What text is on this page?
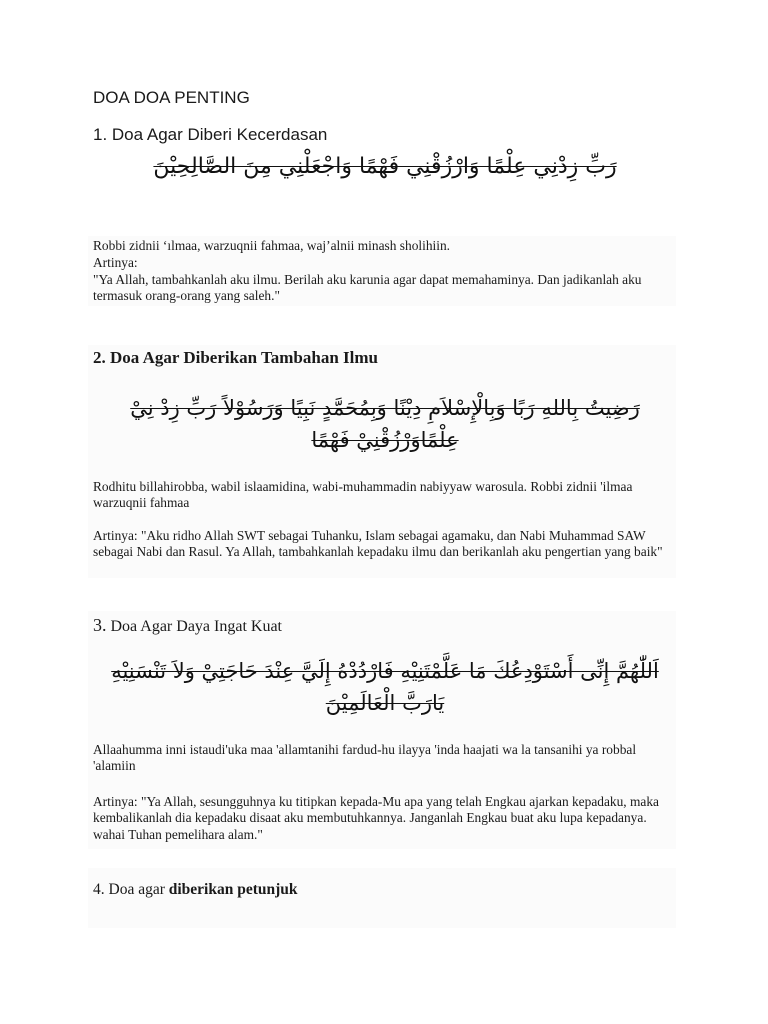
DOA DOA PENTING
1. Doa Agar Diberi Kecerdasan
رَبِّ زِدْنِي عِلْمًا وَارْزُقْنِي فَهْمًا وَاجْعَلْنِي مِنَ الصَّالِحِيْنَ
Robbi zidnii ‘ılmaa, warzuqnii fahmaa, waj’alnii minash sholihiin.
Artinya:
"Ya Allah, tambahkanlah aku ilmu. Berilah aku karunia agar dapat memahaminya. Dan jadikanlah aku termasuk orang-orang yang saleh."
2. Doa Agar Diberikan Tambahan Ilmu
رَضِيتُ بِاللهِ رَبًا وَبِالْإِسْلاَمِ دِيْنًا وَبِمُحَمَّدٍ نَبِيًا وَرَسُوْلاً رَبِّ زِدْ نِيْ عِلْمًاوَرْزُقْنِيْ فَهْمًا
Rodhitu billahirobba, wabil islaamidina, wabi-muhammadin nabiyyaw warosula. Robbi zidnii 'ilmaa warzuqnii fahmaa
Artinya: "Aku ridho Allah SWT sebagai Tuhanku, Islam sebagai agamaku, dan Nabi Muhammad SAW sebagai Nabi dan Rasul. Ya Allah, tambahkanlah kepadaku ilmu dan berikanlah aku pengertian yang baik"
3. Doa Agar Daya Ingat Kuat
اَللّٰهُمَّ إِنِّى أَسْتَوْدِعُكَ مَا عَلَّمْتَنِيْهِ فَارْدُدْهُ إِلَيَّ عِنْدَ حَاجَتِيْ وَلاَ تَنْسَنِيْهِ يَارَبَّ الْعَالَمِيْنَ
Allaahumma inni istaudi'uka maa 'allamtanihi fardud-hu ilayya 'inda haajati wa la tansanihi ya robbal 'alamiin
Artinya: "Ya Allah, sesungguhnya ku titipkan kepada-Mu apa yang telah Engkau ajarkan kepadaku, maka kembalikanlah dia kepadaku disaat aku membutuhkannya. Janganlah Engkau buat aku lupa kepadanya. wahai Tuhan pemelihara alam."
4. Doa agar diberikan petunjuk
